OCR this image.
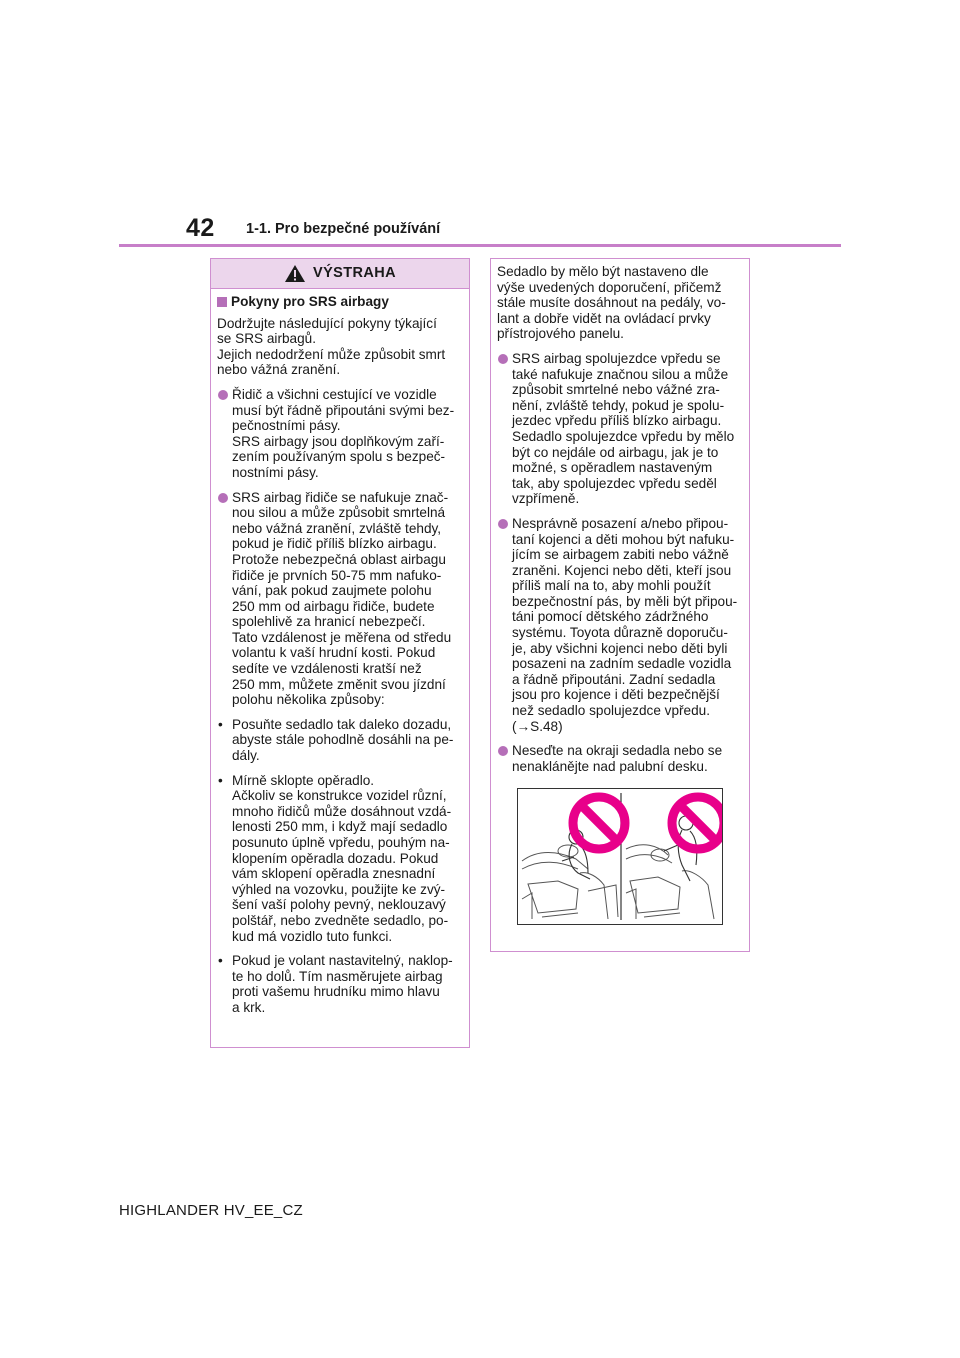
42 1-1. Pro bezpečné používání
VÝSTRAHA
Pokyny pro SRS airbagy

Dodržujte následující pokyny týkající
se SRS airbagů.
Jejich nedodržení může způsobit smrt
nebo vážná zranění.

Řidič a všichni cestující ve vozidle
musí být řádně připoutáni svými bez-
pečnostními pásy.
SRS airbagy jsou doplňkovým zaří-
zením používaným spolu s bezpeč-
nostními pásy.
SRS airbag řidiče se nafukuje znač-
nou silou a může způsobit smrtelná
nebo vážná zranění, zvláště tehdy,
pokud je řidič příliš blízko airbagu.
Protože nebezpečná oblast airbagu
řidiče je prvních 50-75 mm nafuko-
vání, pak pokud zaujmete polohu
250 mm od airbagu řidiče, budete
spolehlivě za hranicí nebezpečí.
Tato vzdálenost je měřena od středu
volantu k vaší hrudní kosti. Pokud
sedíte ve vzdálenosti kratší než
250 mm, můžete změnit svou jízdní
polohu několika způsoby:
• Posuňte sedadlo tak daleko dozadu,
abyste stále pohodlně dosáhli na pe-
dály.
• Mírně sklopte opěradlo.
Ačkoliv se konstrukce vozidel různí,
mnoho řidičů může dosáhnout vzdá-
lenosti 250 mm, i když mají sedadlo
posunuto úplně vpředu, pouhým na-
klopením opěradla dozadu. Pokud
vám sklopení opěradla znesnadní
výhled na vozovku, použijte ke zvý-
šení vaší polohy pevný, neklouzavý
polštář, nebo zvedněte sedadlo, po-
kud má vozidlo tuto funkci.
• Pokud je volant nastavitelný, naklop-
te ho dolů. Tím nasměrujete airbag
proti vašemu hrudníku mimo hlavu
a krk.

Sedadlo by mělo být nastaveno dle
výše uvedených doporučení, přičemž
stále musíte dosáhnout na pedály, vo-
lant a dobře vidět na ovládací prvky
přístrojového panelu.

SRS airbag spolujezdce vpředu se
také nafukuje značnou silou a může
způsobit smrtelné nebo vážné zra-
nění, zvláště tehdy, pokud je spolu-
jezdec vpředu příliš blízko airbagu.
Sedadlo spolujezdce vpředu by mělo
být co nejdále od airbagu, jak je to
možné, s opěradlem nastaveným
tak, aby spolujezdec vpředu seděl
vzpřímeně.
Nesprávně posazení a/nebo připou-
taní kojenci a děti mohou být nafuku-
jícím se airbagem zabiti nebo vážně
zraněni. Kojenci nebo děti, kteří jsou
příliš malí na to, aby mohli použít
bezpečnostní pás, by měli být připou-
táni pomocí dětského zádržného
systému. Toyota důrazně doporuču-
je, aby všichni kojenci nebo děti byli
posazeni na zadním sedadle vozidla
a řádně připoutáni. Zadní sedadla
jsou pro kojence i děti bezpečnější
než sedadlo spolujezdce vpředu.
(→S.48)
Neseďte na okraji sedadla nebo se
nenaklánějte nad palubní desku.
HIGHLANDER HV_EE_CZ
